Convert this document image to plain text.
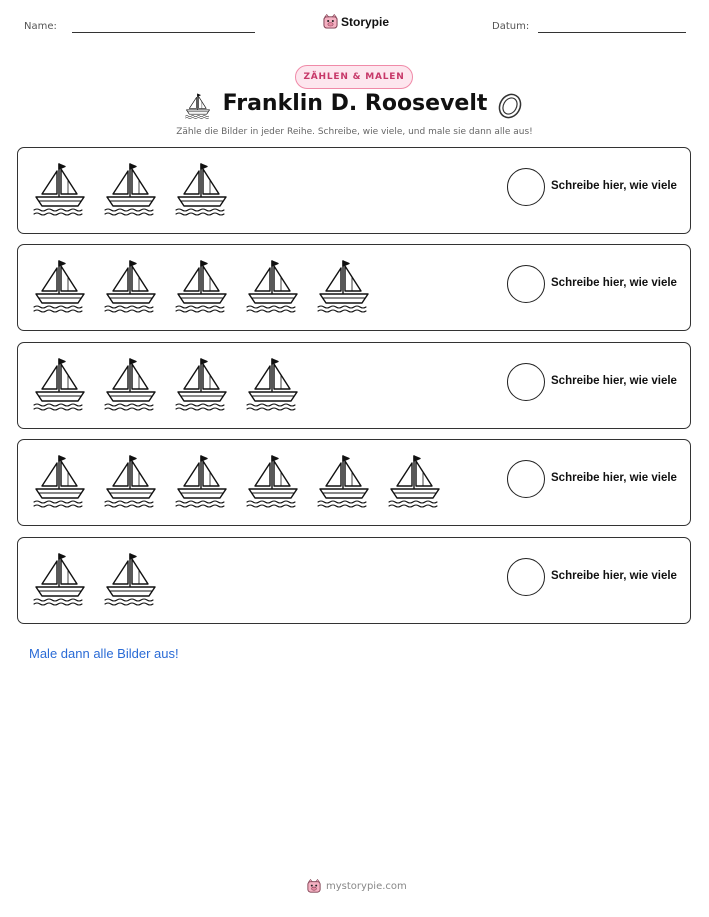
Name:	Storypie	Datum:
ZÄHLEN & MALEN
Franklin D. Roosevelt
Zähle die Bilder in jeder Reihe. Schreibe, wie viele, und male sie dann alle aus!
Schreibe hier, wie viele
Schreibe hier, wie viele
Schreibe hier, wie viele
Schreibe hier, wie viele
Schreibe hier, wie viele
Male dann alle Bilder aus!
mystorypie.com
